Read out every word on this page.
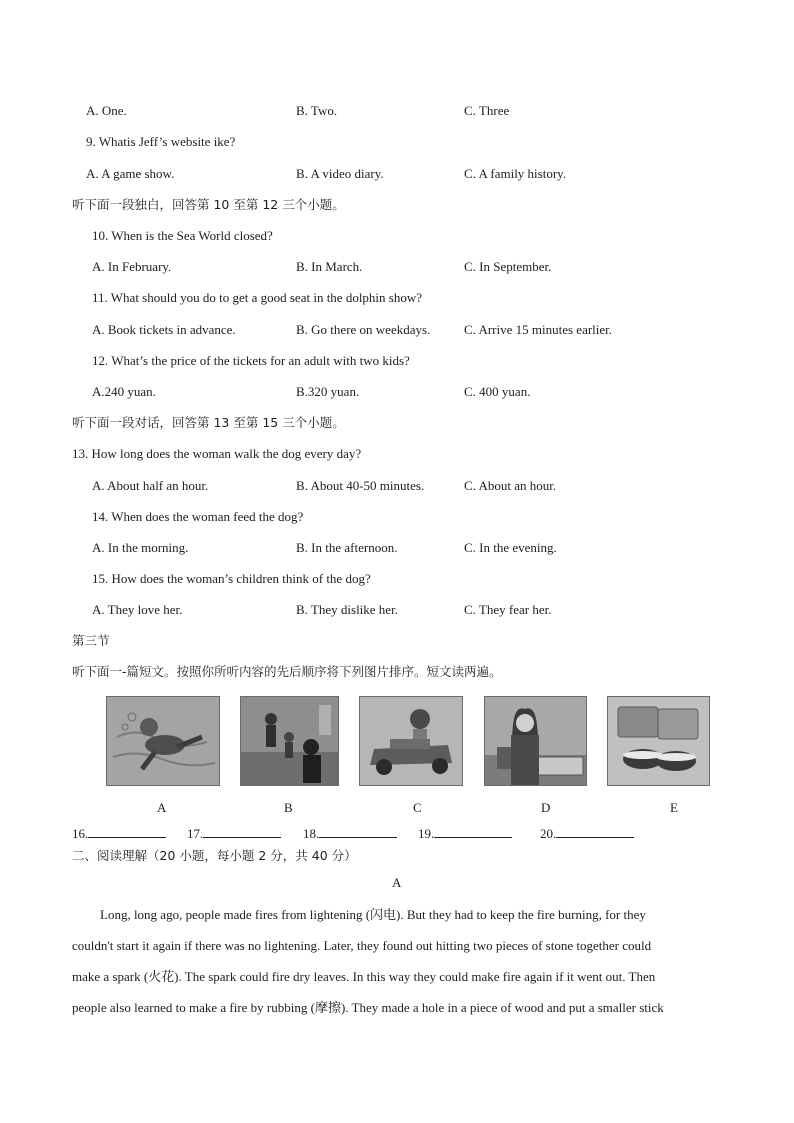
A. One.	B. Two.	C. Three
9. Whatis Jeff’s website ike?
A. A game show.	B. A video diary.	C. A family history.
听下面一段独白，回答第 10 至第 12 三个小题。
10. When is the Sea World closed?
A. In February.	B. In March.	C. In September.
11. What should you do to get a good seat in the dolphin show?
A. Book tickets in advance.	B. Go there on weekdays.	C. Arrive 15 minutes earlier.
12. What’s the price of the tickets for an adult with two kids?
A.240 yuan.	B.320 yuan.	C. 400 yuan.
听下面一段对话，回答第 13 至第 15 三个小题。
13. How long does the woman walk the dog every day?
A. About half an hour.	B. About 40-50 minutes.	C. About an hour.
14. When does the woman feed the dog?
A. In the morning.	B. In the afternoon.	C. In the evening.
15. How does the woman’s children think of the dog?
A. They love her.	B. They dislike her.	C. They fear her.
第三节
听下面一-篇短文。按照你所听内容的先后顺序将下列图片排序。短文读两遍。
A	B	C	D	E
16.	17.	18.	19.	20.
二、阅读理解（20 小题，每小题 2 分，共 40 分）
A
Long, long ago, people made fires from lightening (闪电). But they had to keep the fire burning, for they
couldn't start it again if there was no lightening. Later, they found out hitting two pieces of stone together could
make a spark (火花). The spark could fire dry leaves. In this way they could make fire again if it went out. Then
people also learned to make a fire by rubbing (摩擦). They made a hole in a piece of wood and put a smaller stick
